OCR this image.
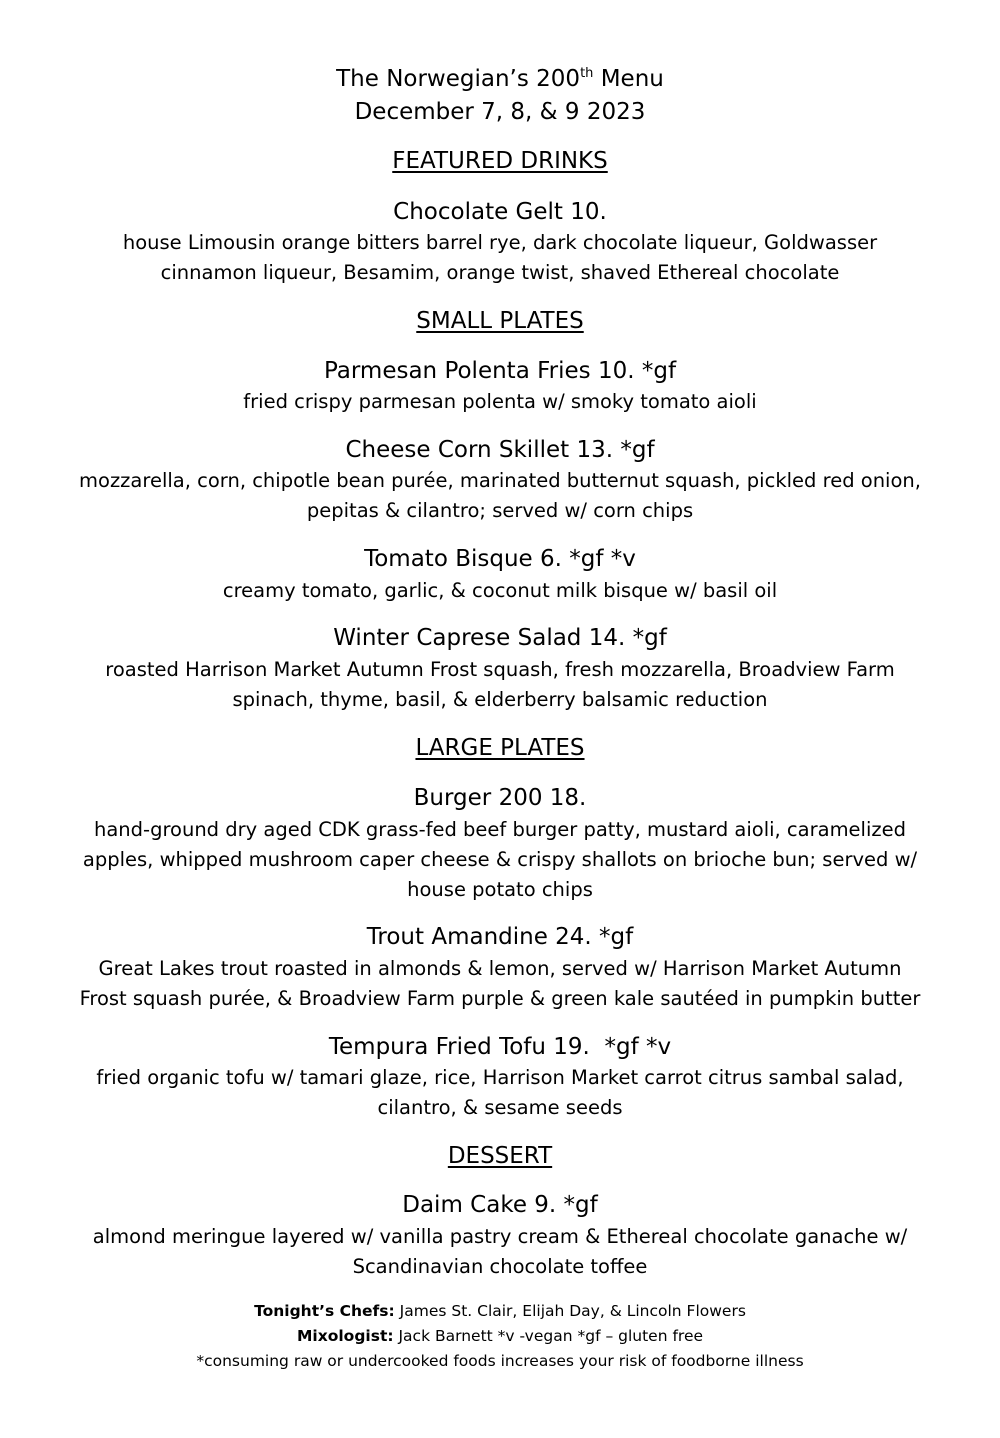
The Norwegian’s 200th Menu
December 7, 8, & 9 2023
FEATURED DRINKS
Chocolate Gelt 10.
house Limousin orange bitters barrel rye, dark chocolate liqueur, Goldwasser
cinnamon liqueur, Besamim, orange twist, shaved Ethereal chocolate
SMALL PLATES
Parmesan Polenta Fries 10. *gf
fried crispy parmesan polenta w/ smoky tomato aioli
Cheese Corn Skillet 13. *gf
mozzarella, corn, chipotle bean purée, marinated butternut squash, pickled red onion,
pepitas & cilantro; served w/ corn chips
Tomato Bisque 6. *gf *v
creamy tomato, garlic, & coconut milk bisque w/ basil oil
Winter Caprese Salad 14. *gf
roasted Harrison Market Autumn Frost squash, fresh mozzarella, Broadview Farm
spinach, thyme, basil, & elderberry balsamic reduction
LARGE PLATES
Burger 200 18.
hand-ground dry aged CDK grass-fed beef burger patty, mustard aioli, caramelized
apples, whipped mushroom caper cheese & crispy shallots on brioche bun; served w/
house potato chips
Trout Amandine 24. *gf
Great Lakes trout roasted in almonds & lemon, served w/ Harrison Market Autumn
Frost squash purée, & Broadview Farm purple & green kale sautéed in pumpkin butter
Tempura Fried Tofu 19.  *gf *v
fried organic tofu w/ tamari glaze, rice, Harrison Market carrot citrus sambal salad,
cilantro, & sesame seeds
DESSERT
Daim Cake 9. *gf
almond meringue layered w/ vanilla pastry cream & Ethereal chocolate ganache w/
Scandinavian chocolate toffee
Tonight’s Chefs: James St. Clair, Elijah Day, & Lincoln Flowers
Mixologist: Jack Barnett *v -vegan *gf – gluten free
*consuming raw or undercooked foods increases your risk of foodborne illness
